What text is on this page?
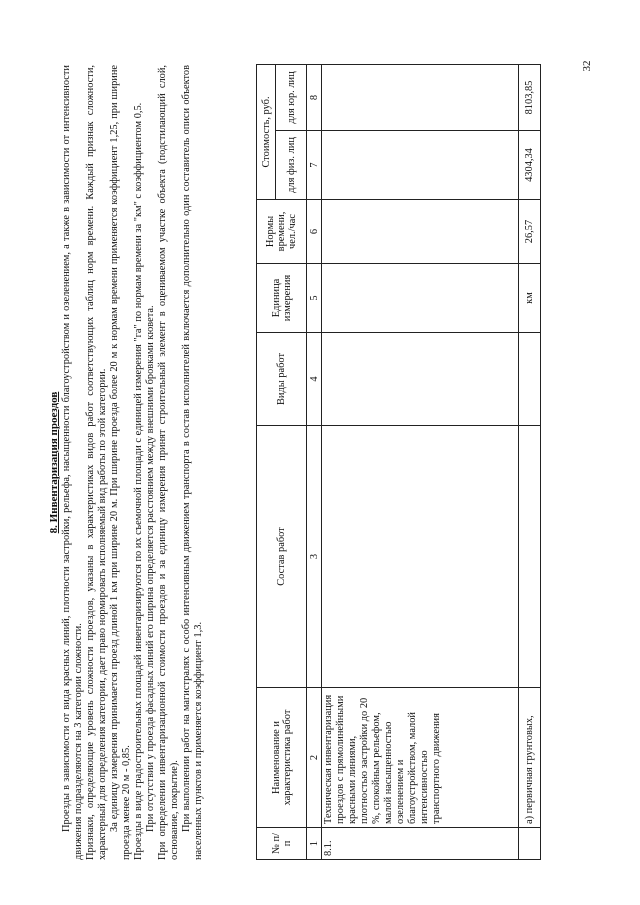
32
8. Инвентаризация проездов Проезды в зависимости от вида красных линий, плотности застройки, рельефа, насыщенности благоустройством и озеленением, а также в зависимости от интенсивности движения подразделяются на 3 категории сложности. Признаки, определяющие уровень сложности проездов, указаны в характеристиках видов работ соответствующих таблиц норм времени. Каждый признак сложности, характерный для определения категории, дает право нормировать исполняемый вид работы по этой категории. За единицу измерения принимается проезд длиной 1 км при ширине 20 м. При ширине проезда более 20 м к нормам времени применяется коэффициент 1,25, при ширине проезда менее 20 м - 0,85. Проезды в виде градостроительных площадей инвентаризируются по их съемочной площади с единицей измерения "га" по нормам времени за "км" с коэффициентом 0,5. При отсутствии у проезда фасадных линий его ширина определяется расстоянием между внешними бровками кювета. При определении инвентаризационной стоимости проездов и за единицу измерения принят строительный элемент в оцениваемом участке объекта (подстилающий слой, основание, покрытие). При выполнении работ на магистралях с особо интенсивным движением транспорта в состав исполнителей включается дополнительно один составитель описи объектов населенных пунктов и применяется коэффициент 1,3.	№ п/п	Наименование и характеристика работ	Состав работ	Виды работ	Единица измерения	Нормы времени, чел./час	Стоимость, руб.	
						для физ. лиц	для юр. лиц
1	2	3	4	5	6	7	8
8.1.	Техническая инвентаризация проездов с прямолинейными красными линиями, плотностью застройки до 20 %, спокойным рельефом, малой насыщенностью озеленением и благоустройством, малой интенсивностью транспортного движения						
	а) первичная грунтовых,			км	26,57	4304,34	8103,85
